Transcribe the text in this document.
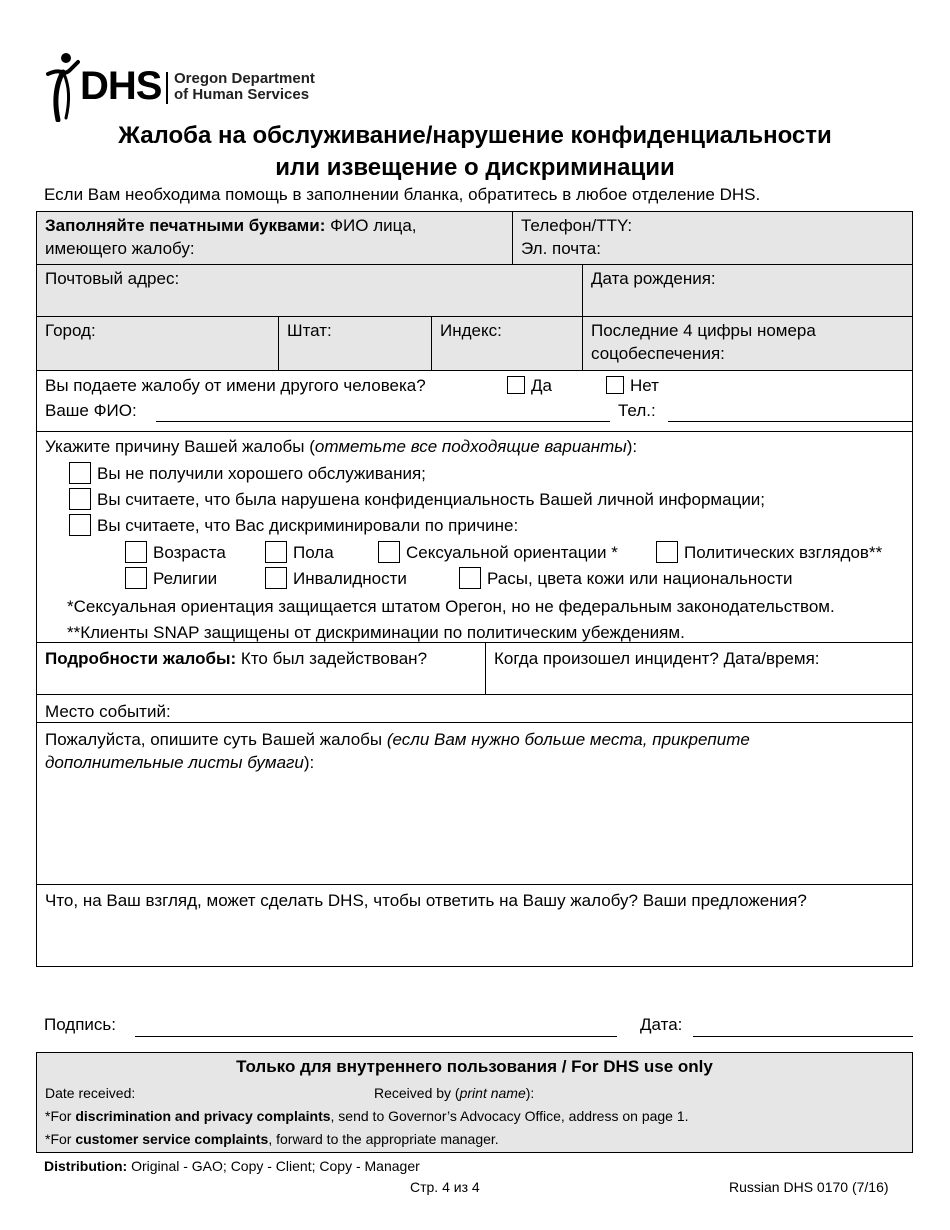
DHS Oregon Department
of Human Services
Жалоба на обслуживание/нарушение конфиденциальности
или извещение о дискриминации
Если Вам необходима помощь в заполнении бланка, обратитесь в любое отделение DHS.
Заполняйте печатными буквами: ФИО лица,
имеющего жалобу:
Телефон/TTY:
Эл. почта:
Почтовый адрес:	Дата рождения:
Город:	Штат:	Индекс:	Последние 4 цифры номера
соцобеспечения:
Вы подаете жалобу от имени другого человека?	Да	Нет
Ваше ФИО:	Тел.:
Укажите причину Вашей жалобы (отметьте все подходящие варианты):
Вы не получили хорошего обслуживания;
Вы считаете, что была нарушена конфиденциальность Вашей личной информации;
Вы считаете, что Вас дискриминировали по причине:
Возраста	Пола	Сексуальной ориентации *	Политических взглядов**
Религии	Инвалидности	Расы, цвета кожи или национальности
*Сексуальная ориентация защищается штатом Орегон, но не федеральным законодательством.
**Клиенты SNAP защищены от дискриминации по политическим убеждениям.
Подробности жалобы: Кто был задействован?	Когда произошел инцидент? Дата/время:
Место событий:
Пожалуйста, опишите суть Вашей жалобы (если Вам нужно больше места, прикрепите
дополнительные листы бумаги):
Что, на Ваш взгляд, может сделать DHS, чтобы ответить на Вашу жалобу? Ваши предложения?
Подпись:	Дата:
Только для внутреннего пользования / For DHS use only
Date received:	Received by (print name):
*For discrimination and privacy complaints, send to Governor’s Advocacy Office, address on page 1.
*For customer service complaints, forward to the appropriate manager.
Distribution: Original - GAO; Copy - Client; Copy - Manager
Стр. 4 из 4	Russian DHS 0170 (7/16)
